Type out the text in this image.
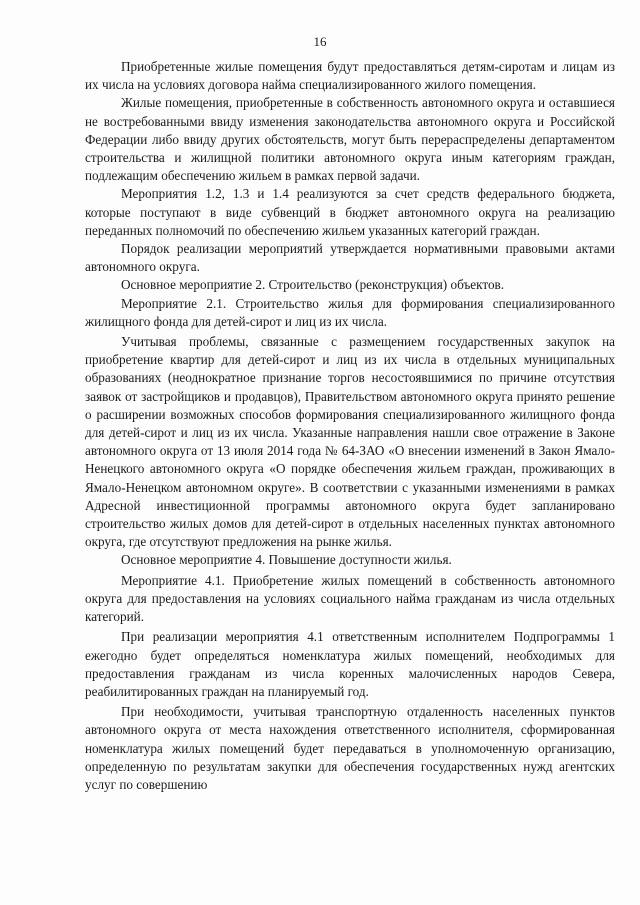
16

Приобретенные жилые помещения будут предоставляться детям-сиротам и лицам из их числа на условиях договора найма специализированного жилого помещения.

Жилые помещения, приобретенные в собственность автономного округа и оставшиеся не востребованными ввиду изменения законодательства автономного округа и Российской Федерации либо ввиду других обстоятельств, могут быть перераспределены департаментом строительства и жилищной политики автономного округа иным категориям граждан, подлежащим обеспечению жильем в рамках первой задачи.

Мероприятия 1.2, 1.3 и 1.4 реализуются за счет средств федерального бюджета, которые поступают в виде субвенций в бюджет автономного округа на реализацию переданных полномочий по обеспечению жильем указанных категорий граждан.

Порядок реализации мероприятий утверждается нормативными правовыми актами автономного округа.

Основное мероприятие 2. Строительство (реконструкция) объектов.

Мероприятие 2.1. Строительство жилья для формирования специализированного жилищного фонда для детей-сирот и лиц из их числа.

Учитывая проблемы, связанные с размещением государственных закупок на приобретение квартир для детей-сирот и лиц из их числа в отдельных муниципальных образованиях (неоднократное признание торгов несостоявшимися по причине отсутствия заявок от застройщиков и продавцов), Правительством автономного округа принято решение о расширении возможных способов формирования специализированного жилищного фонда для детей-сирот и лиц из их числа. Указанные направления нашли свое отражение в Законе автономного округа от 13 июля 2014 года № 64-ЗАО «О внесении изменений в Закон Ямало-Ненецкого автономного округа «О порядке обеспечения жильем граждан, проживающих в Ямало-Ненецком автономном округе». В соответствии с указанными изменениями в рамках Адресной инвестиционной программы автономного округа будет запланировано строительство жилых домов для детей-сирот в отдельных населенных пунктах автономного округа, где отсутствуют предложения на рынке жилья.

Основное мероприятие 4. Повышение доступности жилья.

Мероприятие 4.1. Приобретение жилых помещений в собственность автономного округа для предоставления на условиях социального найма гражданам из числа отдельных категорий.

При реализации мероприятия 4.1 ответственным исполнителем Подпрограммы 1 ежегодно будет определяться номенклатура жилых помещений, необходимых для предоставления гражданам из числа коренных малочисленных народов Севера, реабилитированных граждан на планируемый год.

При необходимости, учитывая транспортную отдаленность населенных пунктов автономного округа от места нахождения ответственного исполнителя, сформированная номенклатура жилых помещений будет передаваться в уполномоченную организацию, определенную по результатам закупки для обеспечения государственных нужд агентских услуг по совершению
